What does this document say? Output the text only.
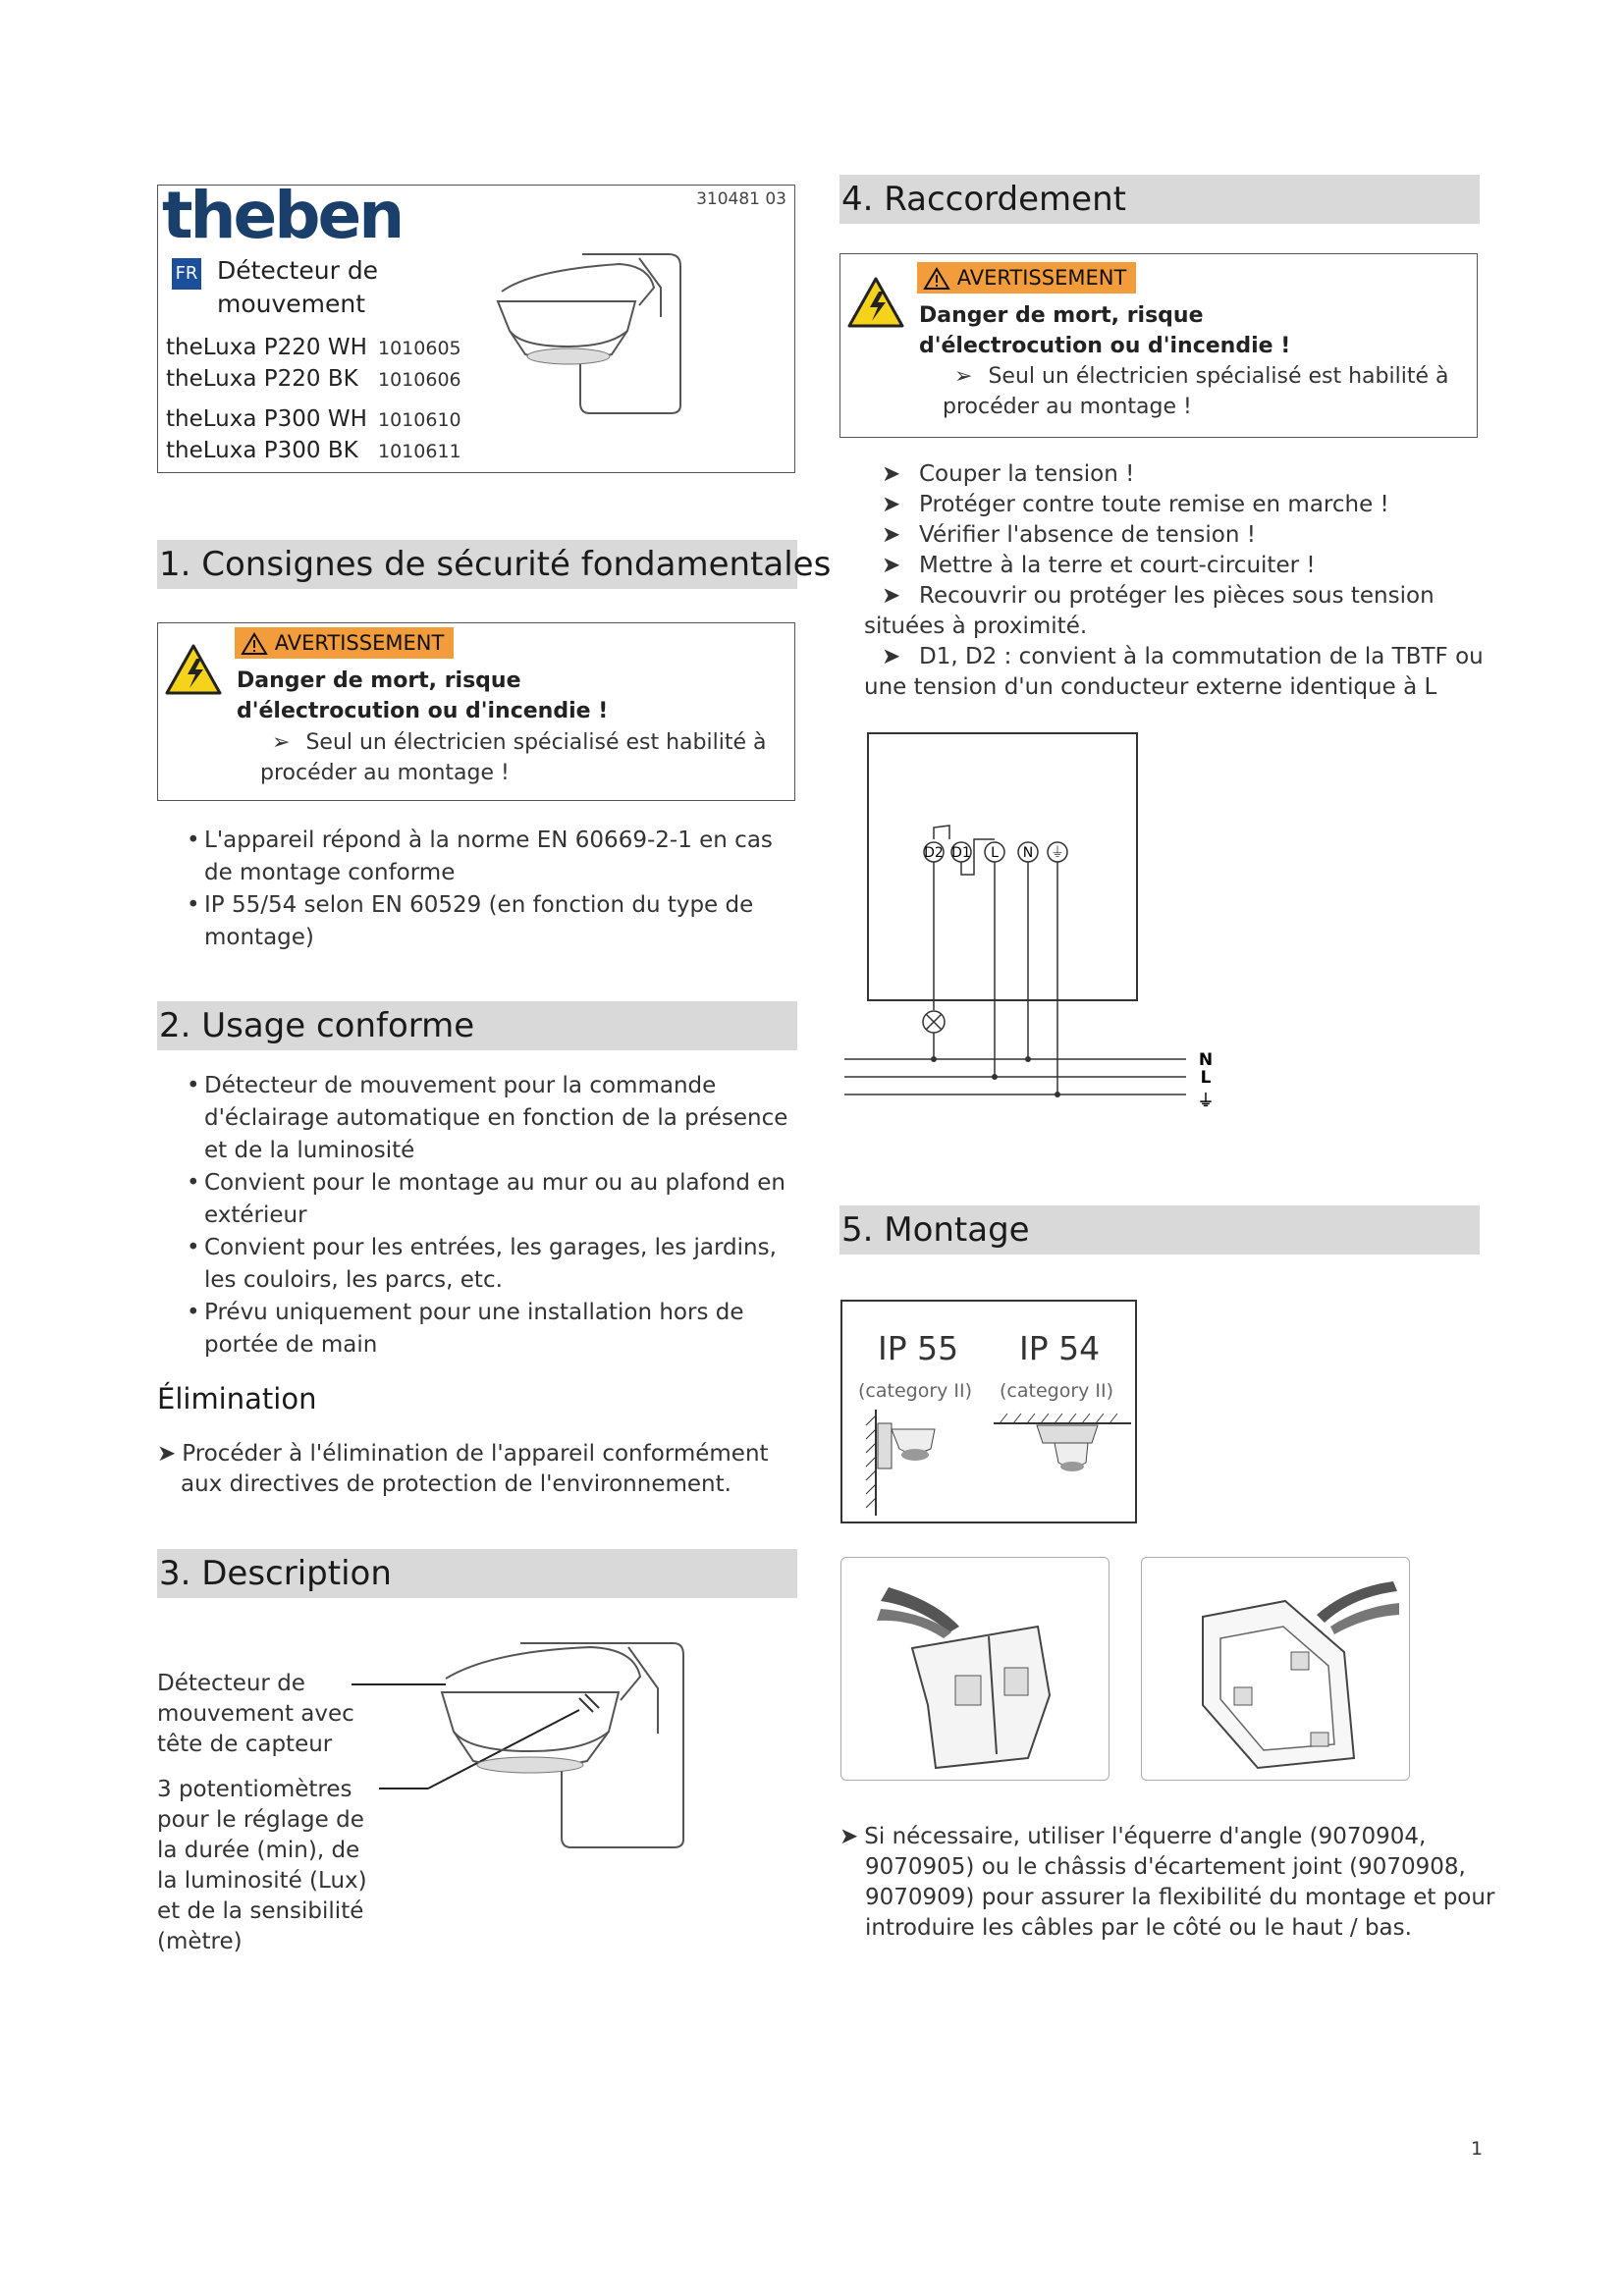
310481 03
theben
FR Détecteur de mouvement
theLuxa P220 WH 1010605
theLuxa P220 BK 1010606
theLuxa P300 WH 1010610
theLuxa P300 BK 1010611
1. Consignes de sécurité fondamentales
AVERTISSEMENT
Danger de mort, risque d'électrocution ou d'incendie !
➢ Seul un électricien spécialisé est habilité à procéder au montage !
• L'appareil répond à la norme EN 60669-2-1 en cas de montage conforme
• IP 55/54 selon EN 60529 (en fonction du type de montage)
2. Usage conforme
• Détecteur de mouvement pour la commande d'éclairage automatique en fonction de la présence et de la luminosité
• Convient pour le montage au mur ou au plafond en extérieur
• Convient pour les entrées, les garages, les jardins, les couloirs, les parcs, etc.
• Prévu uniquement pour une installation hors de portée de main
Élimination
➤ Procéder à l'élimination de l'appareil conformément aux directives de protection de l'environnement.
3. Description
Détecteur de mouvement avec tête de capteur
3 potentiomètres pour le réglage de la durée (min), de la luminosité (Lux) et de la sensibilité (mètre)
4. Raccordement
AVERTISSEMENT
Danger de mort, risque d'électrocution ou d'incendie !
➢ Seul un électricien spécialisé est habilité à procéder au montage !
➤ Couper la tension !
➤ Protéger contre toute remise en marche !
➤ Vérifier l'absence de tension !
➤ Mettre à la terre et court-circuiter !
➤ Recouvrir ou protéger les pièces sous tension situées à proximité.
➤ D1, D2 : convient à la commutation de la TBTF ou une tension d'un conducteur externe identique à L
D2 D1 L N ⏚
N
L
⏚
5. Montage
IP 55 IP 54
(category II) (category II)
➤ Si nécessaire, utiliser l'équerre d'angle (9070904, 9070905) ou le châssis d'écartement joint (9070908, 9070909) pour assurer la flexibilité du montage et pour introduire les câbles par le côté ou le haut / bas.
1
